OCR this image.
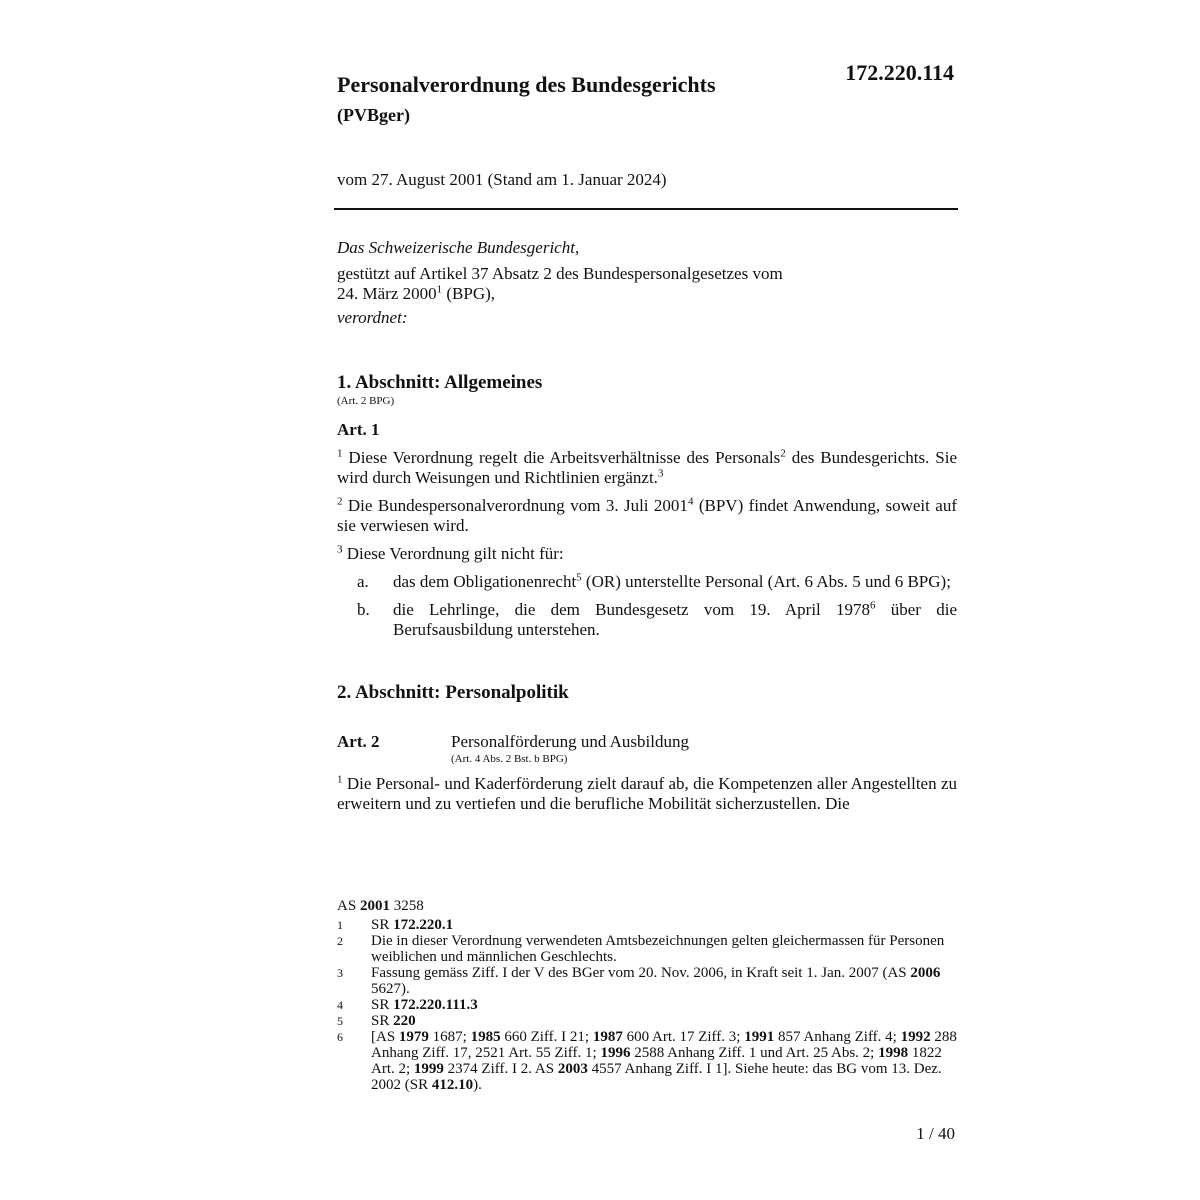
172.220.114
Personalverordnung des Bundesgerichts
(PVBger)
vom 27. August 2001 (Stand am 1. Januar 2024)

Das Schweizerische Bundesgericht,

gestützt auf Artikel 37 Absatz 2 des Bundespersonalgesetzes vom

24. März 2000$^1$ (BPG),

verordnet:

1. Abschnitt: Allgemeines
(Art. 2 BPG)

Art. 1

$^1$ Diese Verordnung regelt die Arbeitsverhältnisse des Personals$^2$ des Bundesgerichts. Sie wird durch Weisungen und Richtlinien ergänzt.$^3$

$^2$ Die Bundespersonalverordnung vom 3. Juli 2001$^4$ (BPV) findet Anwendung, soweit auf sie verwiesen wird.

$^3$ Diese Verordnung gilt nicht für:

a.	das dem Obligationenrecht$^5$ (OR) unterstellte Personal (Art. 6 Abs. 5 und 6 BPG);
b.	die Lehrlinge, die dem Bundesgesetz vom 19. April 1978$^6$ über die Berufsausbildung unterstehen.
2. Abschnitt: Personalpolitik
Art. 2	Personalförderung und Ausbildung
(Art. 4 Abs. 2 Bst. b BPG)

$^1$ Die Personal- und Kaderförderung zielt darauf ab, die Kompetenzen aller Angestellten zu erweitern und zu vertiefen und die berufliche Mobilität sicherzustellen. Die

AS 2001 3258

1	SR 172.220.1
2	Die in dieser Verordnung verwendeten Amtsbezeichnungen gelten gleichermassen für Personen weiblichen und männlichen Geschlechts.
3	Fassung gemäss Ziff. I der V des BGer vom 20. Nov. 2006, in Kraft seit 1. Jan. 2007 (AS 2006 5627).
4	SR 172.220.111.3
5	SR 220
6	[AS 1979 1687; 1985 660 Ziff. I 21; 1987 600 Art. 17 Ziff. 3; 1991 857 Anhang Ziff. 4; 1992 288 Anhang Ziff. 17, 2521 Art. 55 Ziff. 1; 1996 2588 Anhang Ziff. 1 und Art. 25 Abs. 2; 1998 1822 Art. 2; 1999 2374 Ziff. I 2. AS 2003 4557 Anhang Ziff. I 1]. Siehe heute: das BG vom 13. Dez. 2002 (SR 412.10).
1 / 40
